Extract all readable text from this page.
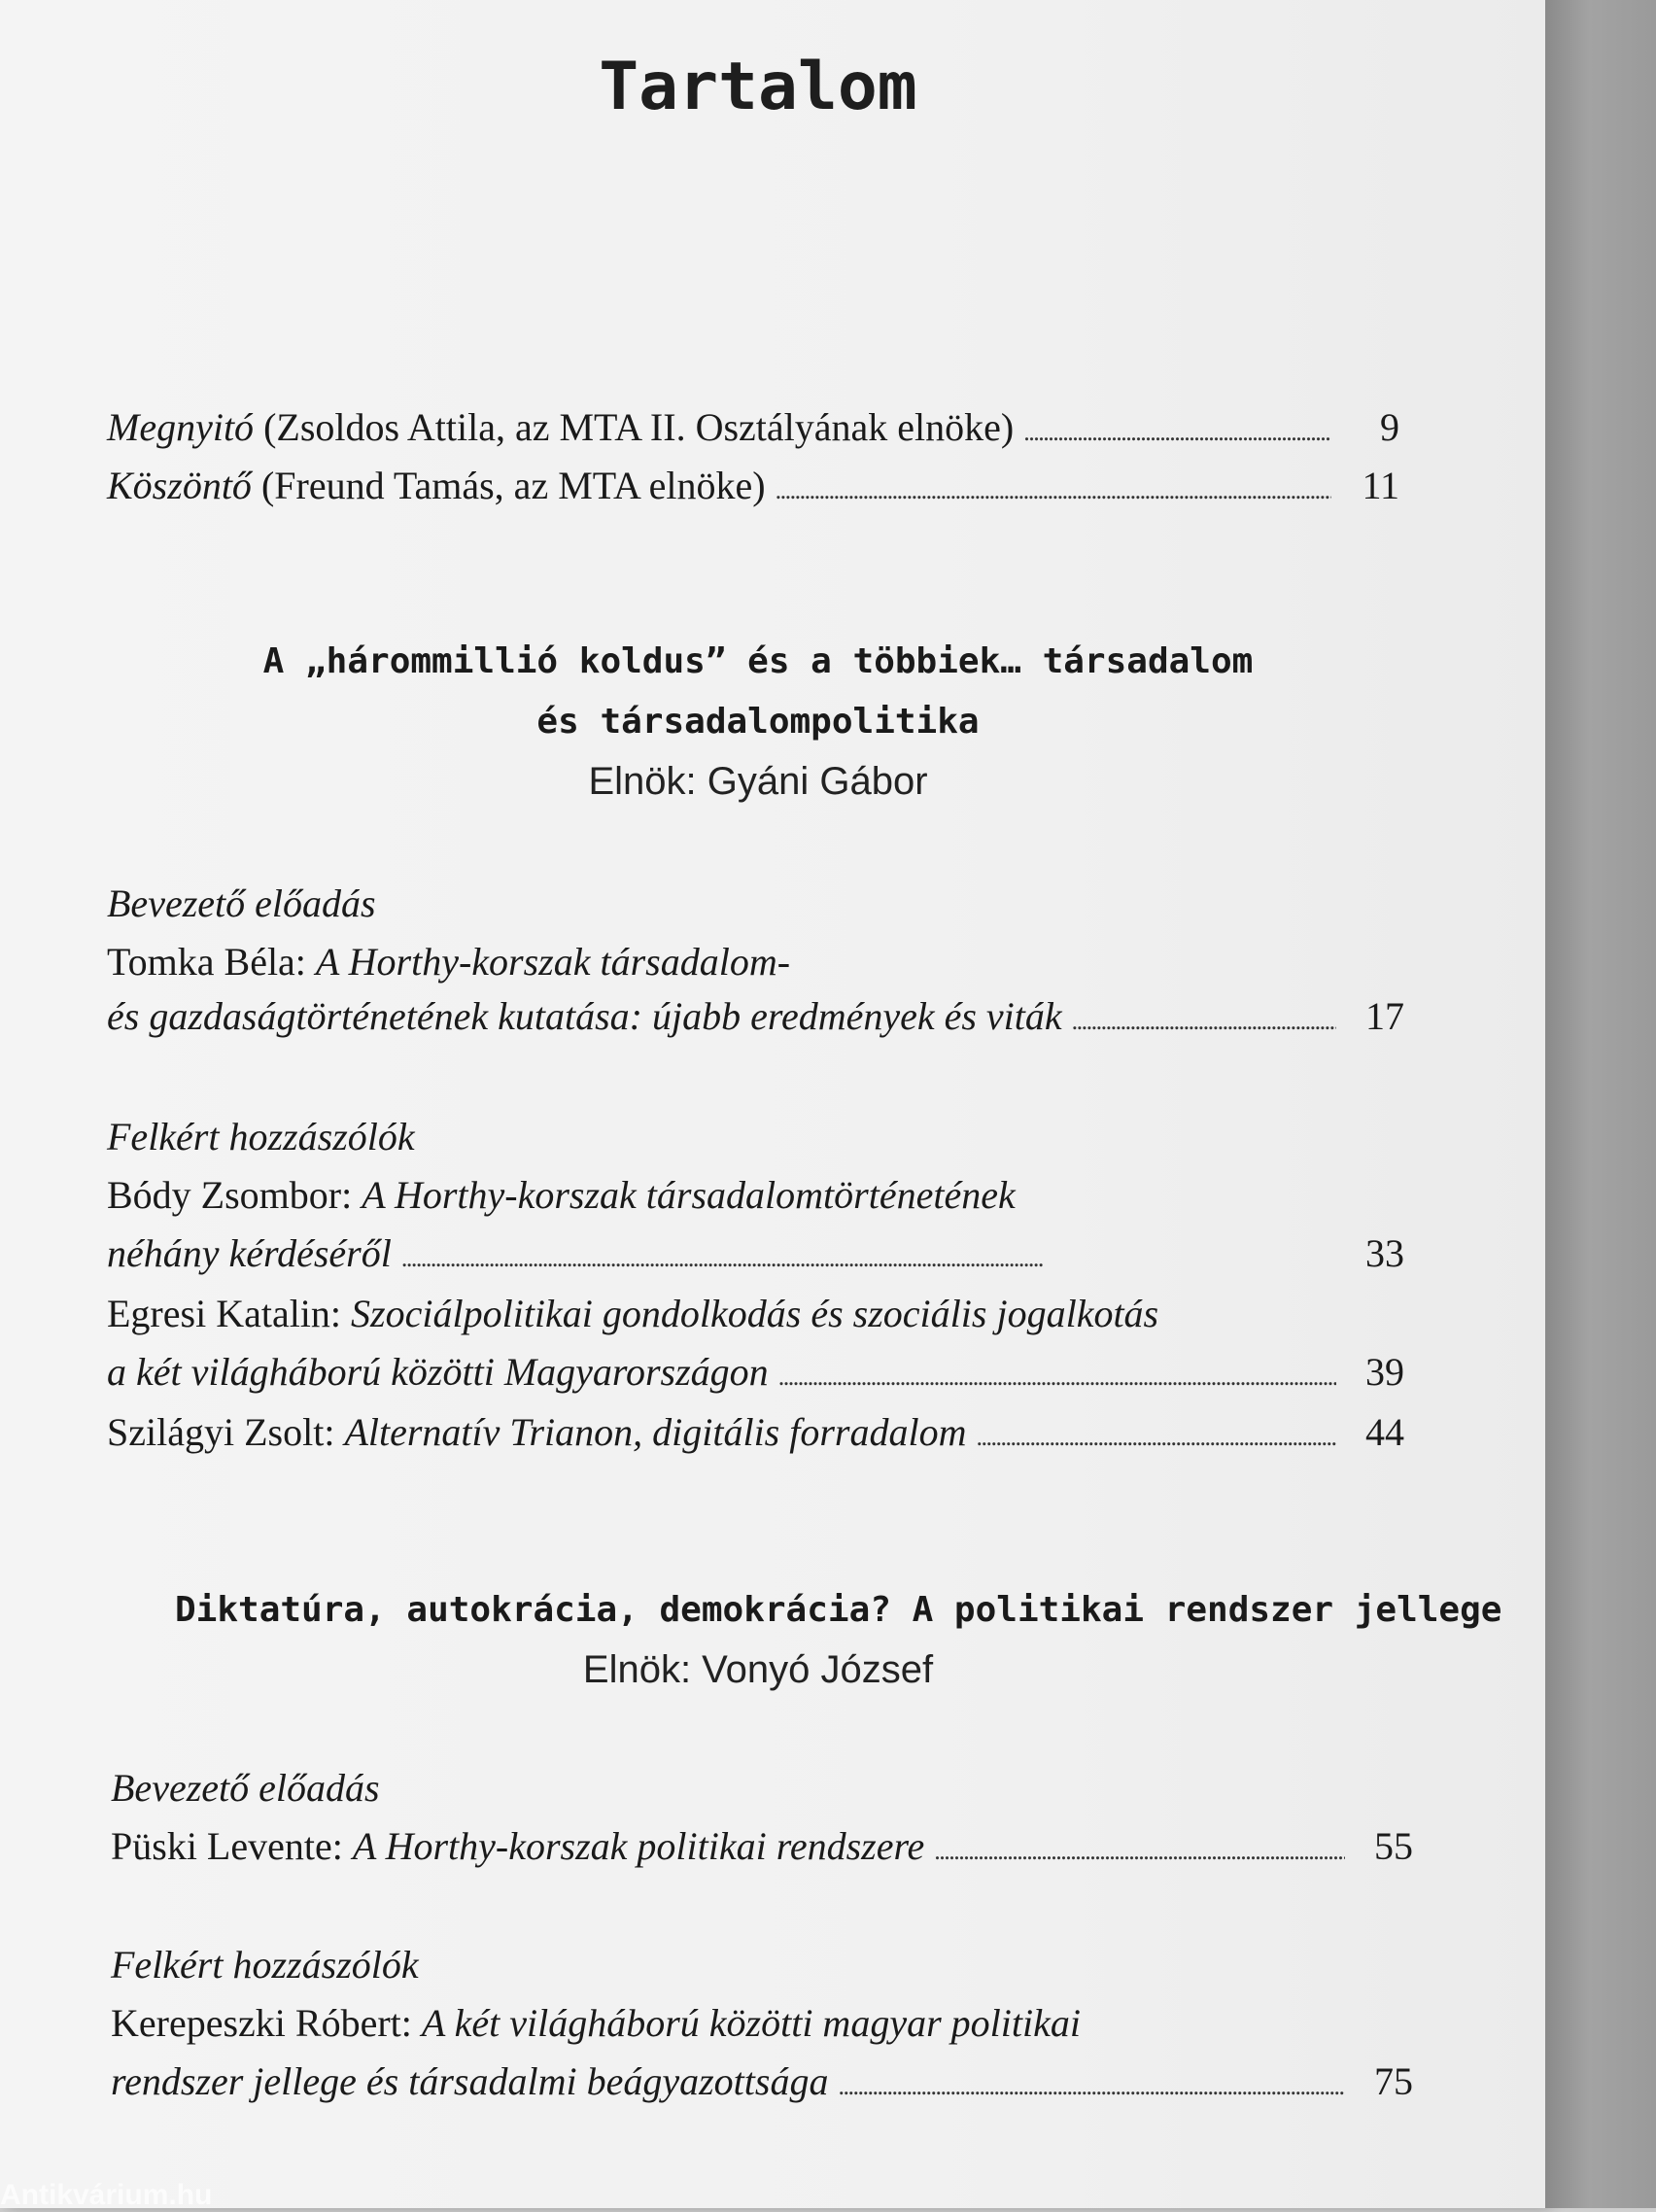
Tartalom
Megnyitó (Zsoldos Attila, az MTA II. Osztályának elnöke) . . .	9
Köszöntő (Freund Tamás, az MTA elnöke) . . .	11
A „hárommillió koldus” és a többiek… társadalom
és társadalompolitika
Elnök: Gyáni Gábor
Bevezető előadás
Tomka Béla: A Horthy-korszak társadalom-
és gazdaságtörténetének kutatása: újabb eredmények és viták . . .	17
Felkért hozzászólók
Bódy Zsombor: A Horthy-korszak társadalomtörténetének
néhány kérdéséről . . .	33
Egresi Katalin: Szociálpolitikai gondolkodás és szociális jogalkotás
a két világháború közötti Magyarországon . . .	39
Szilágyi Zsolt: Alternatív Trianon, digitális forradalom . . .	44
Diktatúra, autokrácia, demokrácia? A politikai rendszer jellege
Elnök: Vonyó József
Bevezető előadás
Püski Levente: A Horthy-korszak politikai rendszere . . .	55
Felkért hozzászólók
Kerepeszki Róbert: A két világháború közötti magyar politikai
rendszer jellege és társadalmi beágyazottsága . . .	75
Antikvárium.hu
